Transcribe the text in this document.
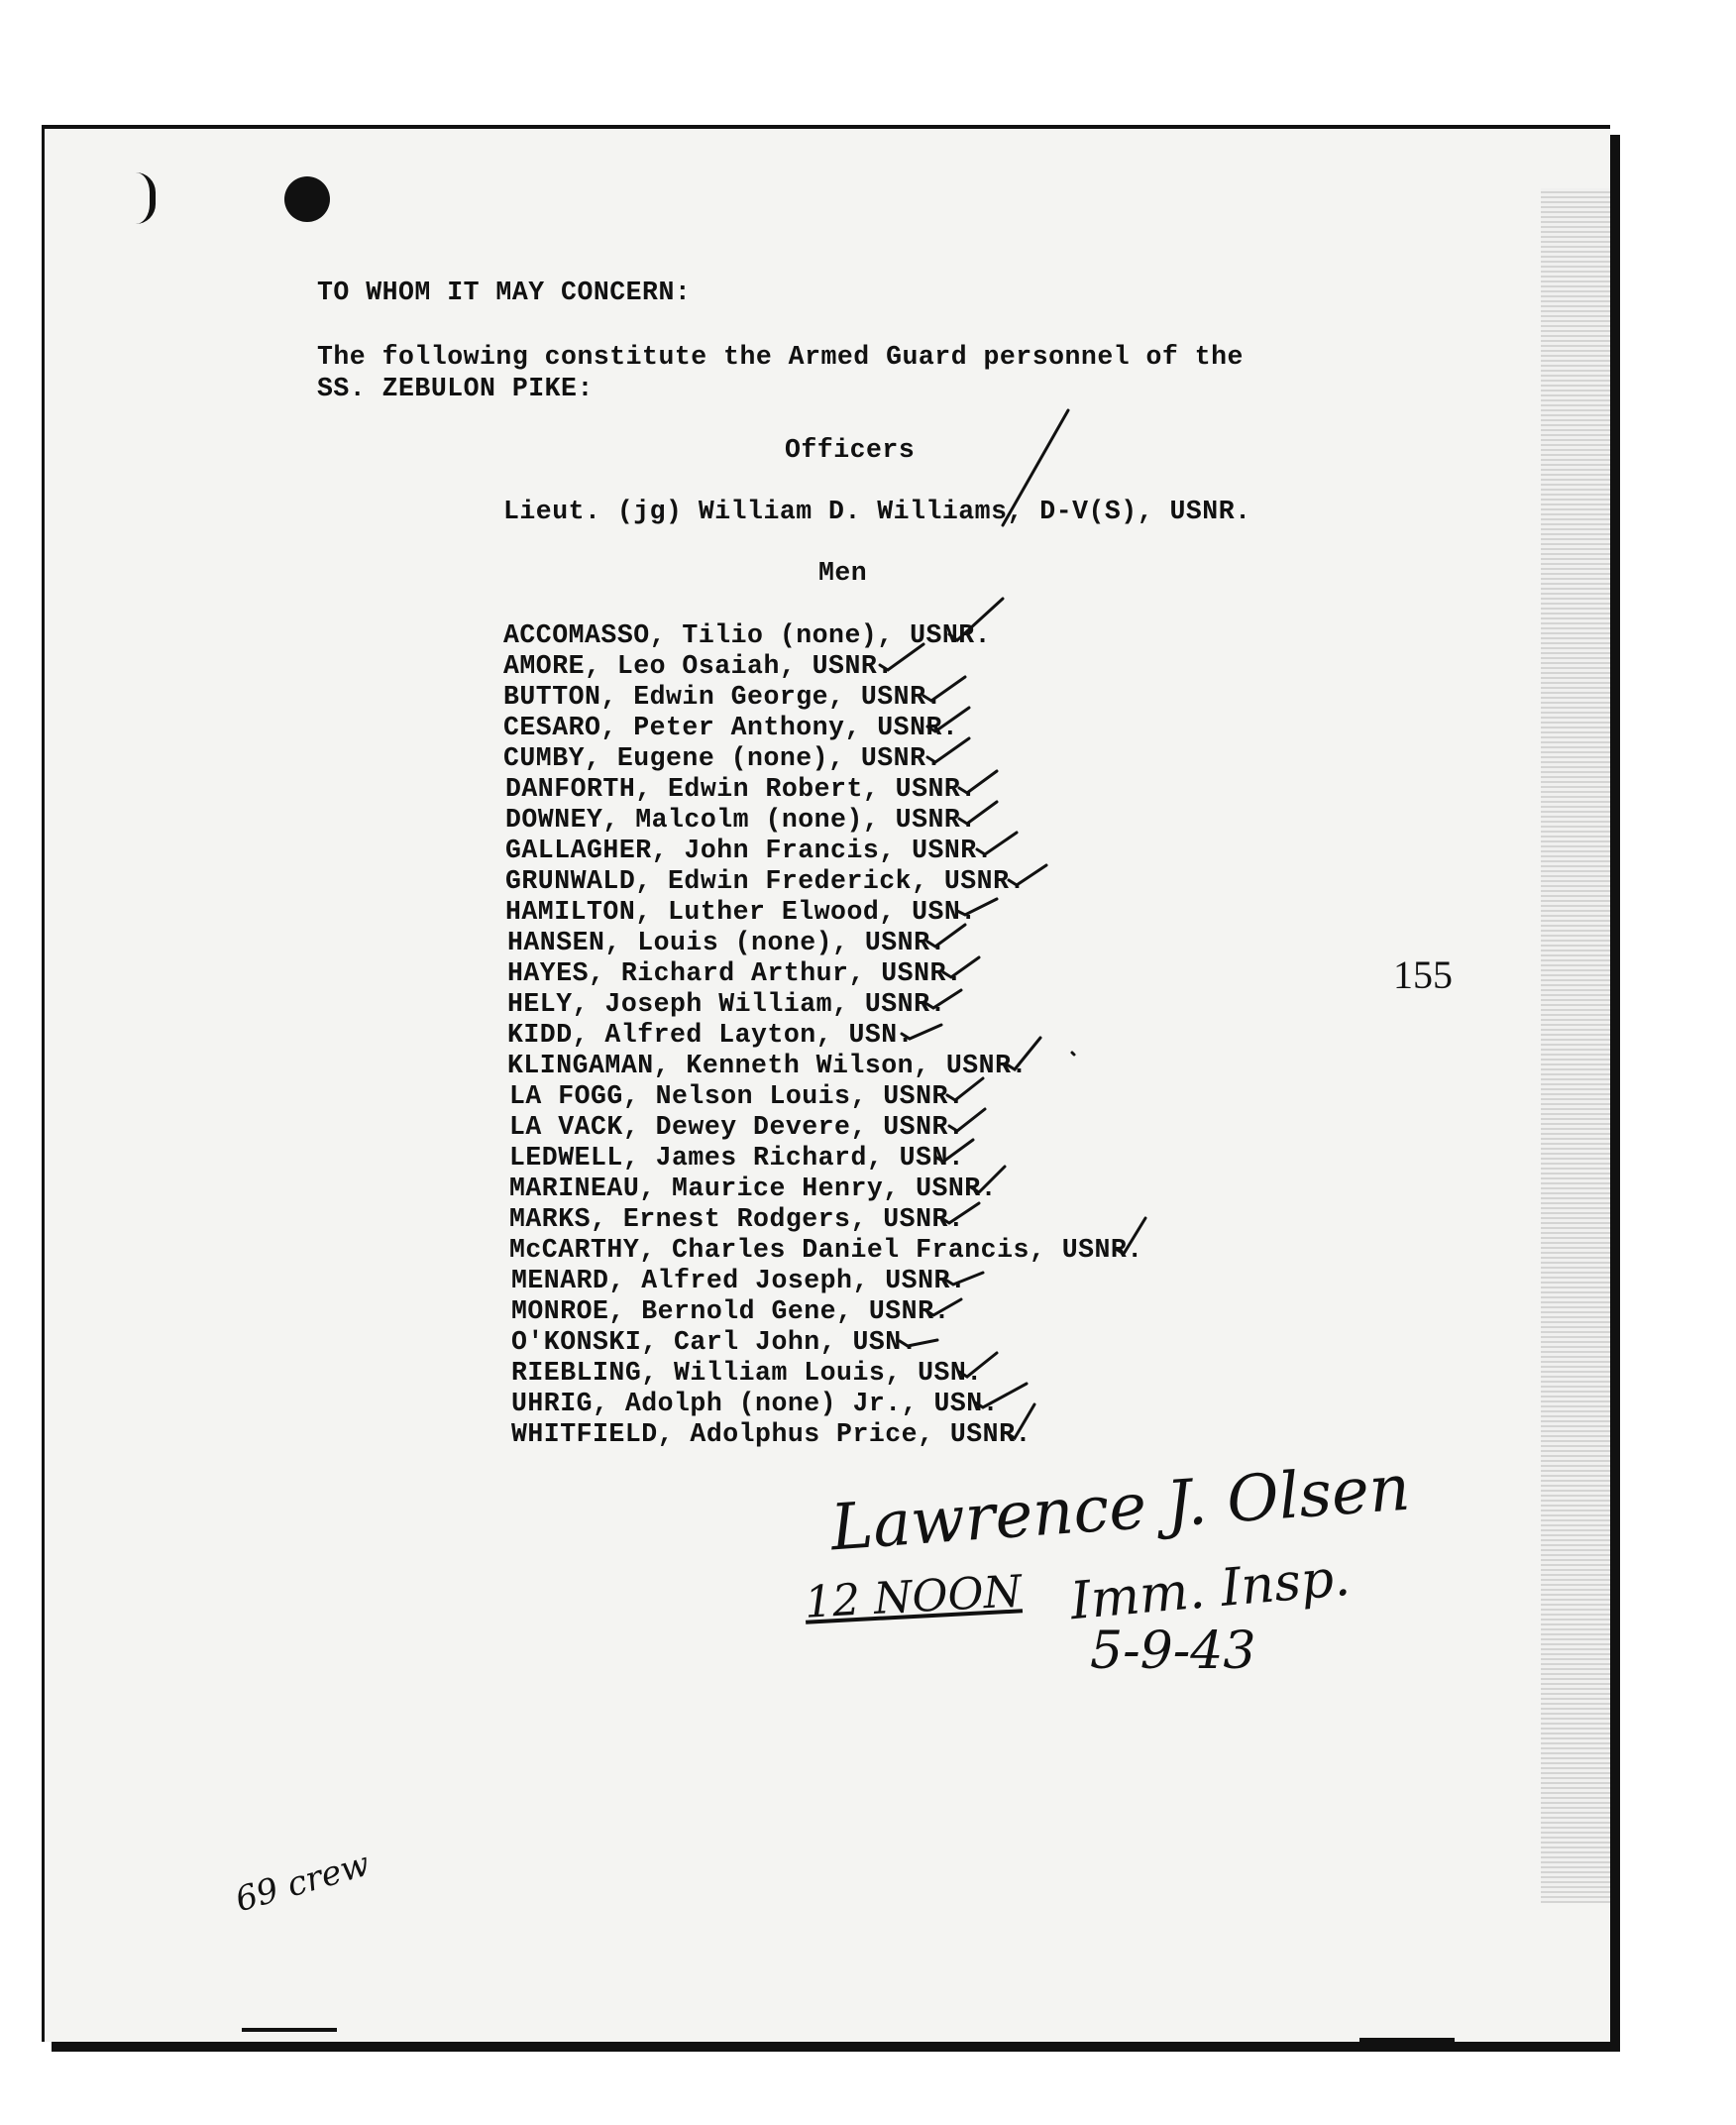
TO WHOM IT MAY CONCERN:
The following constitute the Armed Guard personnel of the
SS. ZEBULON PIKE:
Officers
Lieut. (jg) William D. Williams, D-V(S), USNR.
Men
ACCOMASSO, Tilio (none), USNR.
AMORE, Leo Osaiah, USNR.
BUTTON, Edwin George, USNR.
CESARO, Peter Anthony, USNR.
CUMBY, Eugene (none), USNR.
DANFORTH, Edwin Robert, USNR.
DOWNEY, Malcolm (none), USNR.
GALLAGHER, John Francis, USNR.
GRUNWALD, Edwin Frederick, USNR.
HAMILTON, Luther Elwood, USN.
HANSEN, Louis (none), USNR.
HAYES, Richard Arthur, USNR.
HELY, Joseph William, USNR.
KIDD, Alfred Layton, USN.
KLINGAMAN, Kenneth Wilson, USNR.
LA FOGG, Nelson Louis, USNR.
LA VACK, Dewey Devere, USNR.
LEDWELL, James Richard, USN.
MARINEAU, Maurice Henry, USNR.
MARKS, Ernest Rodgers, USNR.
McCARTHY, Charles Daniel Francis, USNR.
MENARD, Alfred Joseph, USNR.
MONROE, Bernold Gene, USNR.
O'KONSKI, Carl John, USN.
RIEBLING, William Louis, USN.
UHRIG, Adolph (none) Jr., USN.
WHITFIELD, Adolphus Price, USNR.
155
Lawrence J. Olsen
12 NOON Imm. Insp.
5-9-43
69 crew
